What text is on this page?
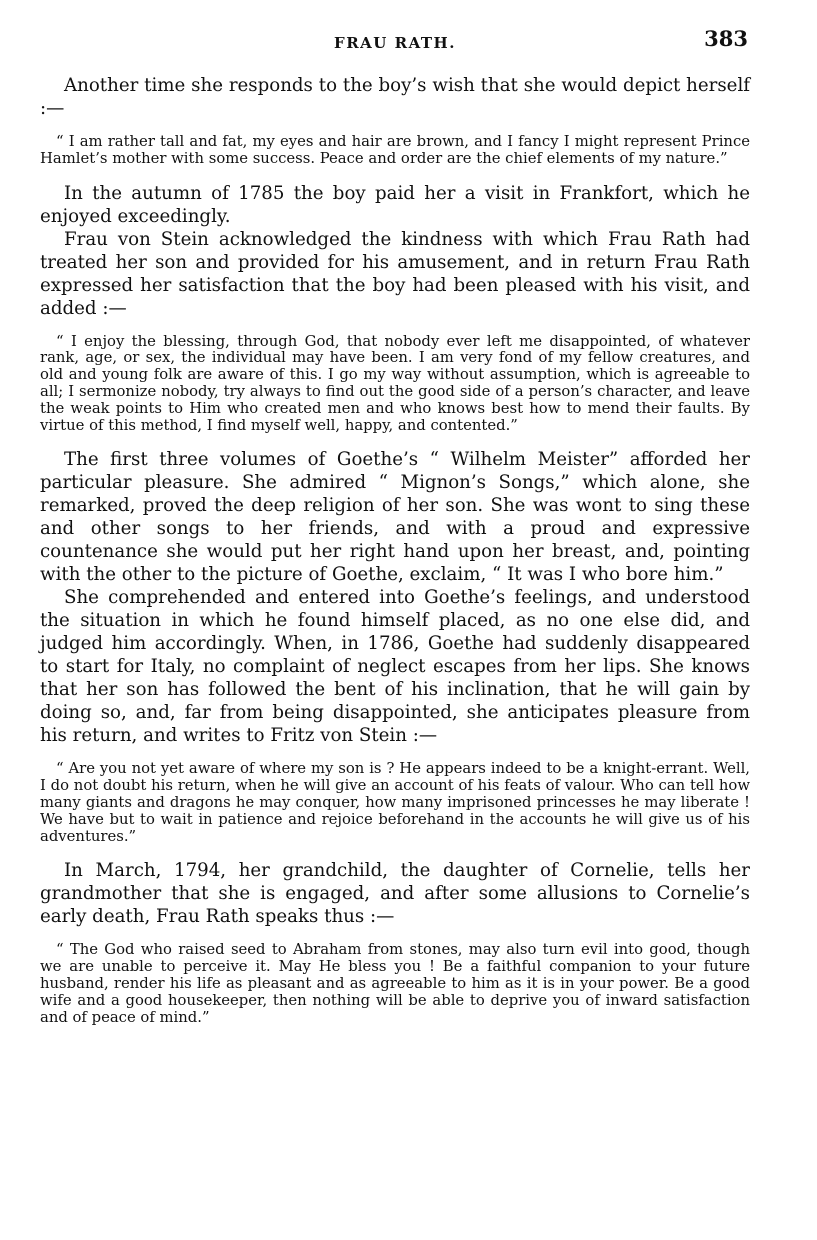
FRAU RATH.	383

Another time she responds to the boy’s wish that she would depict herself :—

“ I am rather tall and fat, my eyes and hair are brown, and I fancy I might represent Prince Hamlet’s mother with some success. Peace and order are the chief elements of my nature.”

In the autumn of 1785 the boy paid her a visit in Frankfort, which he enjoyed exceedingly.

Frau von Stein acknowledged the kindness with which Frau Rath had treated her son and provided for his amusement, and in return Frau Rath expressed her satisfaction that the boy had been pleased with his visit, and added :—

“ I enjoy the blessing, through God, that nobody ever left me disappointed, of whatever rank, age, or sex, the individual may have been. I am very fond of my fellow creatures, and old and young folk are aware of this. I go my way without assumption, which is agreeable to all; I sermonize nobody, try always to find out the good side of a person’s character, and leave the weak points to Him who created men and who knows best how to mend their faults. By virtue of this method, I find myself well, happy, and contented.”

The first three volumes of Goethe’s “ Wilhelm Meister” afforded her particular pleasure. She admired “ Mignon’s Songs,” which alone, she remarked, proved the deep religion of her son. She was wont to sing these and other songs to her friends, and with a proud and expressive countenance she would put her right hand upon her breast, and, pointing with the other to the picture of Goethe, exclaim, “ It was I who bore him.”

She comprehended and entered into Goethe’s feelings, and understood the situation in which he found himself placed, as no one else did, and judged him accordingly. When, in 1786, Goethe had suddenly disappeared to start for Italy, no complaint of neglect escapes from her lips. She knows that her son has followed the bent of his inclination, that he will gain by doing so, and, far from being disappointed, she anticipates pleasure from his return, and writes to Fritz von Stein :—

“ Are you not yet aware of where my son is ? He appears indeed to be a knight-errant. Well, I do not doubt his return, when he will give an account of his feats of valour. Who can tell how many giants and dragons he may conquer, how many imprisoned princesses he may liberate ! We have but to wait in patience and rejoice beforehand in the accounts he will give us of his adventures.”

In March, 1794, her grandchild, the daughter of Cornelie, tells her grandmother that she is engaged, and after some allusions to Cornelie’s early death, Frau Rath speaks thus :—

“ The God who raised seed to Abraham from stones, may also turn evil into good, though we are unable to perceive it. May He bless you ! Be a faithful companion to your future husband, render his life as pleasant and as agreeable to him as it is in your power. Be a good wife and a good housekeeper, then nothing will be able to deprive you of inward satisfaction and of peace of mind.”
